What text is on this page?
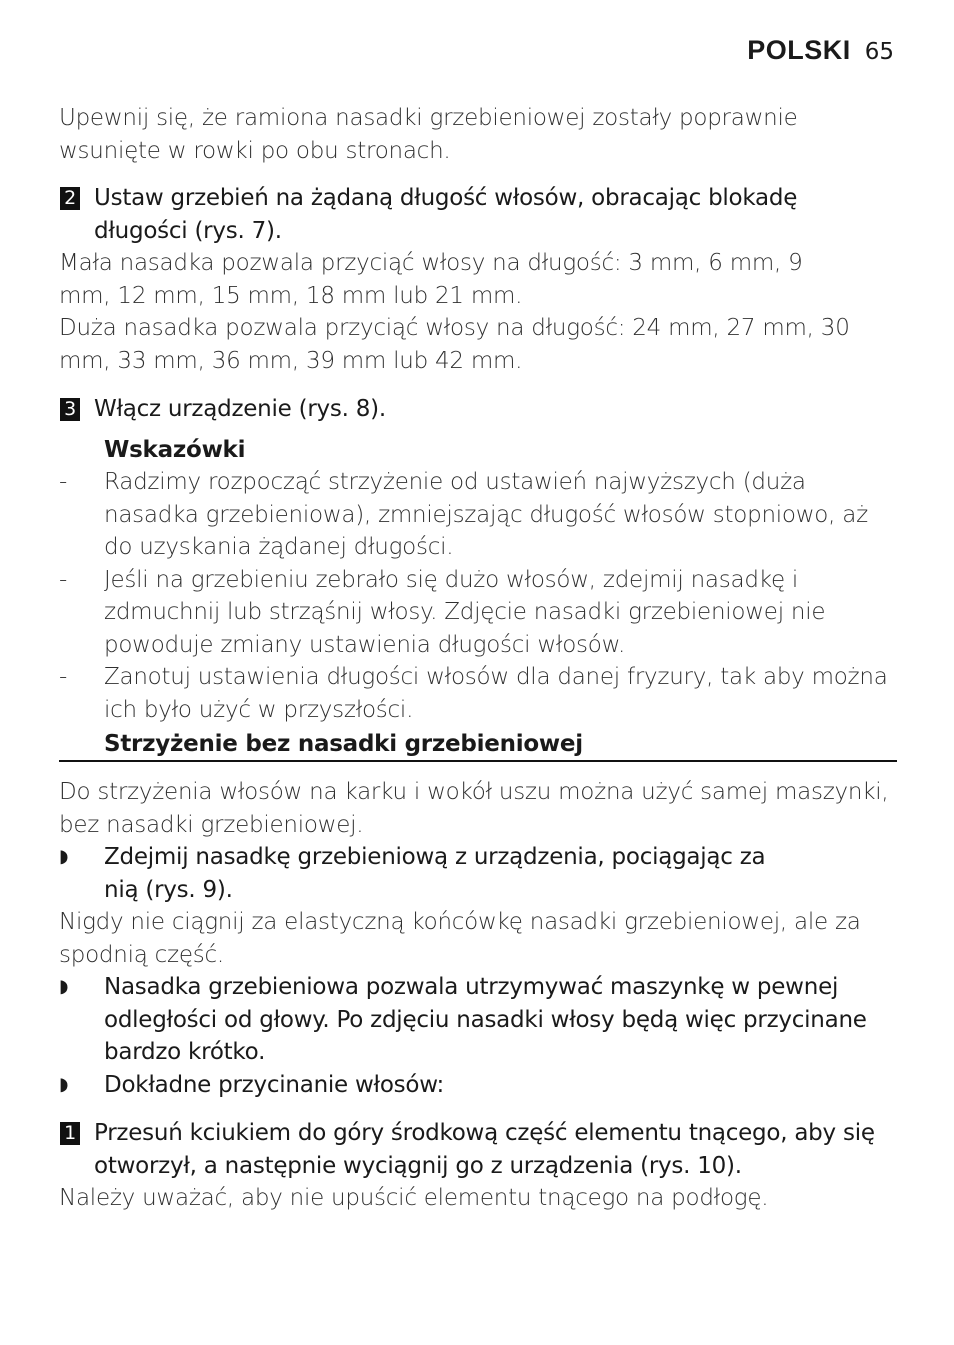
POLSKI 65

Upewnij się, że ramiona nasadki grzebieniowej zostały poprawnie wsunięte w rowki po obu stronach.

2 Ustaw grzebień na żądaną długość włosów, obracając blokadę długości (rys. 7).

Mała nasadka pozwala przyciąć włosy na długość: 3 mm, 6 mm, 9 mm, 12 mm, 15 mm, 18 mm lub 21 mm.

Duża nasadka pozwala przyciąć włosy na długość: 24 mm, 27 mm, 30 mm, 33 mm, 36 mm, 39 mm lub 42 mm.

3 Włącz urządzenie (rys. 8).

Wskazówki

-	Radzimy rozpocząć strzyżenie od ustawień najwyższych (duża nasadka grzebieniowa), zmniejszając długość włosów stopniowo, aż do uzyskania żądanej długości.
-	Jeśli na grzebieniu zebrało się dużo włosów, zdejmij nasadkę i zdmuchnij lub strząśnij włosy. Zdjęcie nasadki grzebieniowej nie powoduje zmiany ustawienia długości włosów.
-	Zanotuj ustawienia długości włosów dla danej fryzury, tak aby można ich było użyć w przyszłości.
Strzyżenie bez nasadki grzebieniowej

Do strzyżenia włosów na karku i wokół uszu można użyć samej maszynki, bez nasadki grzebieniowej.

◗	Zdejmij nasadkę grzebieniową z urządzenia, pociągając za nią (rys. 9).

Nigdy nie ciągnij za elastyczną końcówkę nasadki grzebieniowej, ale za spodnią część.

◗	Nasadka grzebieniowa pozwala utrzymywać maszynkę w pewnej odległości od głowy. Po zdjęciu nasadki włosy będą więc przycinane bardzo krótko.
◗	Dokładne przycinanie włosów:
1 Przesuń kciukiem do góry środkową część elementu tnącego, aby się otworzył, a następnie wyciągnij go z urządzenia (rys. 10).

Należy uważać, aby nie upuścić elementu tnącego na podłogę.
